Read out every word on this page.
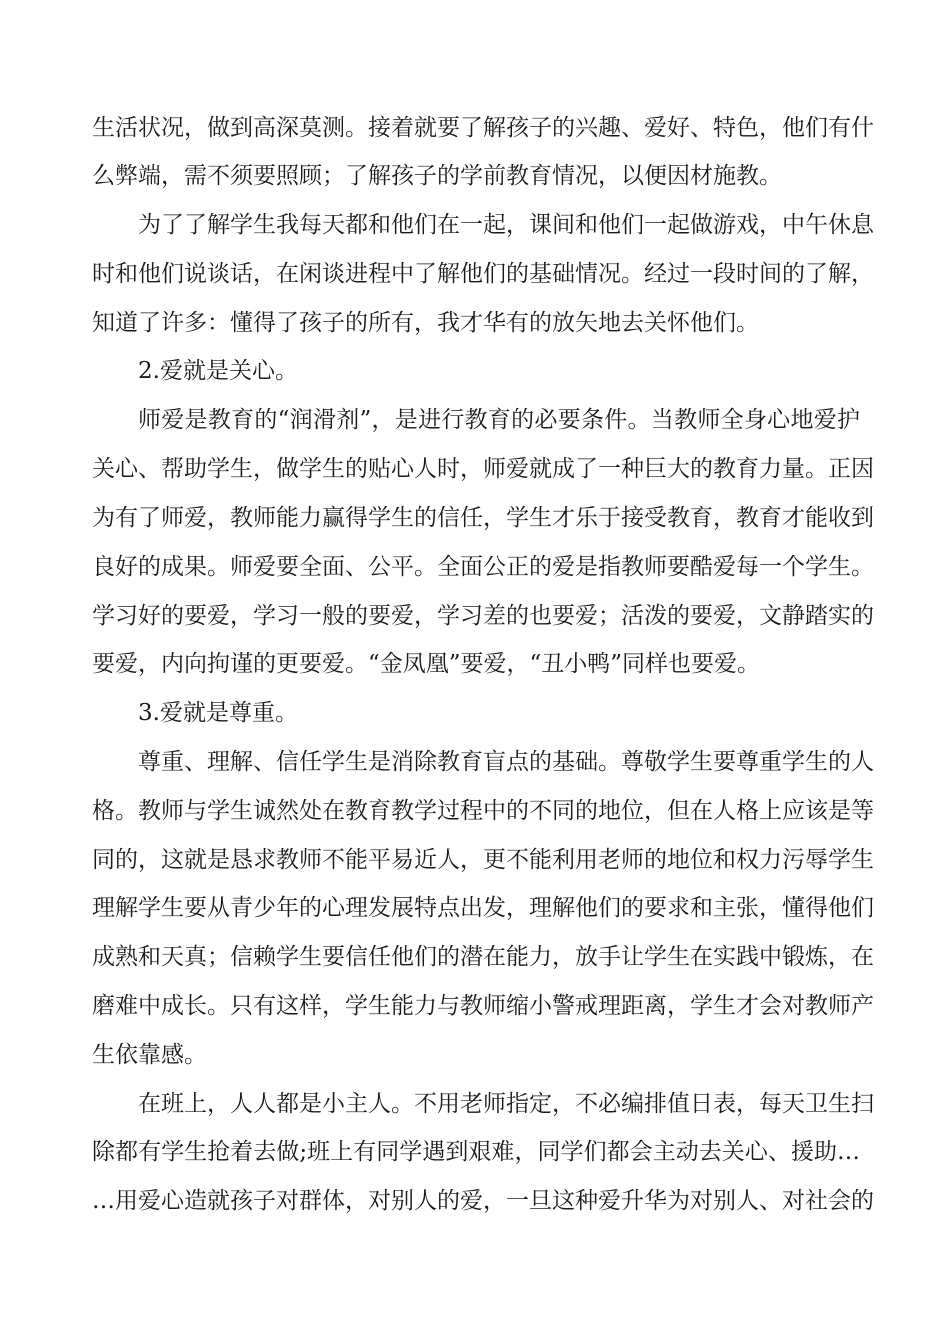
生活状况，做到高深莫测。接着就要了解孩子的兴趣、爱好、特色，他们有什
么弊端，需不须要照顾；了解孩子的学前教育情况，以便因材施教。
为了了解学生我每天都和他们在一起，课间和他们一起做游戏，中午休息
时和他们说谈话，在闲谈进程中了解他们的基础情况。经过一段时间的了解，
知道了许多：懂得了孩子的所有，我才华有的放矢地去关怀他们。
2.爱就是关心。
师爱是教育的“润滑剂”，是进行教育的必要条件。当教师全身心地爱护
关心、帮助学生，做学生的贴心人时，师爱就成了一种巨大的教育力量。正因
为有了师爱，教师能力赢得学生的信任，学生才乐于接受教育，教育才能收到
良好的成果。师爱要全面、公平。全面公正的爱是指教师要酷爱每一个学生。
学习好的要爱，学习一般的要爱，学习差的也要爱；活泼的要爱，文静踏实的
要爱，内向拘谨的更要爱。“金凤凰”要爱，“丑小鸭”同样也要爱。
3.爱就是尊重。
尊重、理解、信任学生是消除教育盲点的基础。尊敬学生要尊重学生的人
格。教师与学生诚然处在教育教学过程中的不同的地位，但在人格上应该是等
同的，这就是恳求教师不能平易近人，更不能利用老师的地位和权力污辱学生
理解学生要从青少年的心理发展特点出发，理解他们的要求和主张，懂得他们
成熟和天真；信赖学生要信任他们的潜在能力，放手让学生在实践中锻炼，在
磨难中成长。只有这样，学生能力与教师缩小警戒理距离，学生才会对教师产
生依靠感。
在班上，人人都是小主人。不用老师指定，不必编排值日表，每天卫生扫
除都有学生抢着去做;班上有同学遇到艰难，同学们都会主动去关心、援助…
…用爱心造就孩子对群体，对别人的爱，一旦这种爱升华为对别人、对社会的
